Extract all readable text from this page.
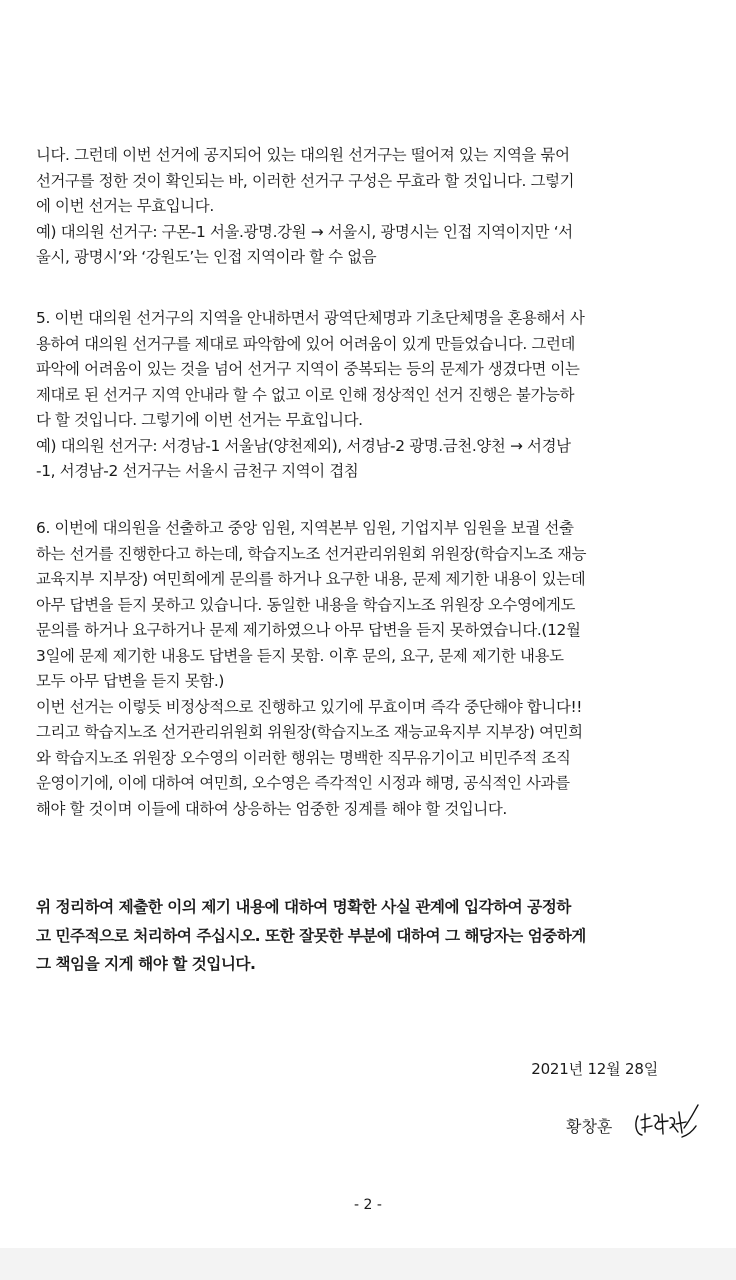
니다. 그런데 이번 선거에 공지되어 있는 대의원 선거구는 떨어져 있는 지역을 묶어
선거구를 정한 것이 확인되는 바, 이러한 선거구 구성은 무효라 할 것입니다. 그렇기
에 이번 선거는 무효입니다.
예) 대의원 선거구: 구몬-1 서울.광명.강원 → 서울시, 광명시는 인접 지역이지만 ‘서
울시, 광명시’와 ‘강원도’는 인접 지역이라 할 수 없음
5. 이번 대의원 선거구의 지역을 안내하면서 광역단체명과 기초단체명을 혼용해서 사
용하여 대의원 선거구를 제대로 파악함에 있어 어려움이 있게 만들었습니다. 그런데
파악에 어려움이 있는 것을 넘어 선거구 지역이 중복되는 등의 문제가 생겼다면 이는
제대로 된 선거구 지역 안내라 할 수 없고 이로 인해 정상적인 선거 진행은 불가능하
다 할 것입니다. 그렇기에 이번 선거는 무효입니다.
예) 대의원 선거구: 서경남-1 서울남(양천제외), 서경남-2 광명.금천.양천 → 서경남
-1, 서경남-2 선거구는 서울시 금천구 지역이 겹침
6. 이번에 대의원을 선출하고 중앙 임원, 지역본부 임원, 기업지부 임원을 보궐 선출
하는 선거를 진행한다고 하는데, 학습지노조 선거관리위원회 위원장(학습지노조 재능
교육지부 지부장) 여민희에게 문의를 하거나 요구한 내용, 문제 제기한 내용이 있는데
아무 답변을 듣지 못하고 있습니다. 동일한 내용을 학습지노조 위원장 오수영에게도
문의를 하거나 요구하거나 문제 제기하였으나 아무 답변을 듣지 못하였습니다.(12월
3일에 문제 제기한 내용도 답변을 듣지 못함. 이후 문의, 요구, 문제 제기한 내용도
모두 아무 답변을 듣지 못함.)
이번 선거는 이렇듯 비정상적으로 진행하고 있기에 무효이며 즉각 중단해야 합니다!!
그리고 학습지노조 선거관리위원회 위원장(학습지노조 재능교육지부 지부장) 여민희
와 학습지노조 위원장 오수영의 이러한 행위는 명백한 직무유기이고 비민주적 조직
운영이기에, 이에 대하여 여민희, 오수영은 즉각적인 시정과 해명, 공식적인 사과를
해야 할 것이며 이들에 대하여 상응하는 엄중한 징계를 해야 할 것입니다.
위 정리하여 제출한 이의 제기 내용에 대하여 명확한 사실 관계에 입각하여 공정하
고 민주적으로 처리하여 주십시오. 또한 잘못한 부분에 대하여 그 해당자는 엄중하게
그 책임을 지게 해야 할 것입니다.
2021년 12월 28일
황창훈
- 2 -
